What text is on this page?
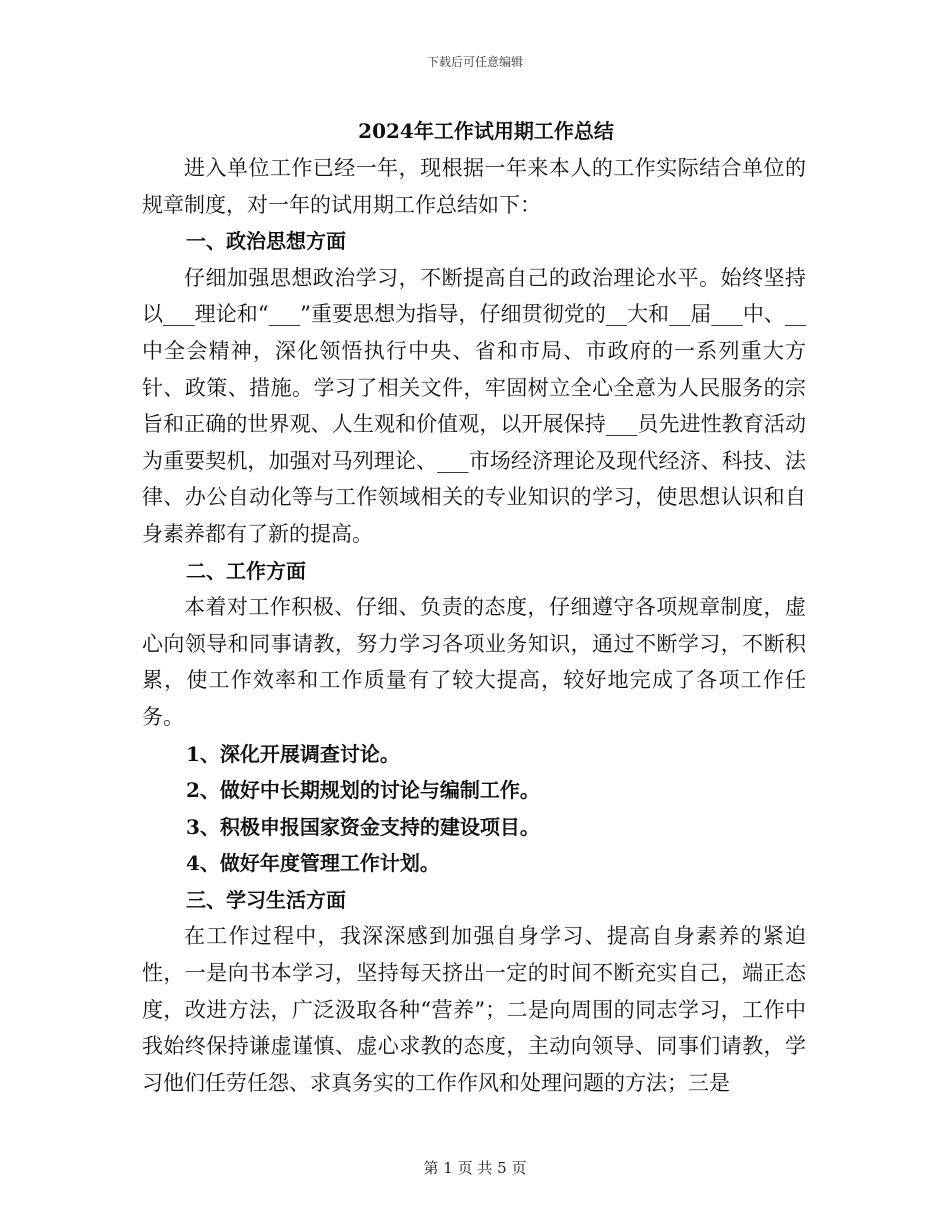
下载后可任意编辑
2024年工作试用期工作总结

进入单位工作已经一年，现根据一年来本人的工作实际结合单位的规章制度，对一年的试用期工作总结如下：

一、政治思想方面

仔细加强思想政治学习，不断提高自己的政治理论水平。始终坚持以___理论和“___”重要思想为指导，仔细贯彻党的__大和__届___中、__中全会精神，深化领悟执行中央、省和市局、市政府的一系列重大方针、政策、措施。学习了相关文件，牢固树立全心全意为人民服务的宗旨和正确的世界观、人生观和价值观，以开展保持___员先进性教育活动为重要契机，加强对马列理论、___市场经济理论及现代经济、科技、法律、办公自动化等与工作领域相关的专业知识的学习，使思想认识和自身素养都有了新的提高。

二、工作方面

本着对工作积极、仔细、负责的态度，仔细遵守各项规章制度，虚心向领导和同事请教，努力学习各项业务知识，通过不断学习，不断积累，使工作效率和工作质量有了较大提高，较好地完成了各项工作任务。

1、深化开展调查讨论。

2、做好中长期规划的讨论与编制工作。

3、积极申报国家资金支持的建设项目。

4、做好年度管理工作计划。

三、学习生活方面

在工作过程中，我深深感到加强自身学习、提高自身素养的紧迫性，一是向书本学习，坚持每天挤出一定的时间不断充实自己，端正态度，改进方法，广泛汲取各种“营养”；二是向周围的同志学习，工作中我始终保持谦虚谨慎、虚心求教的态度，主动向领导、同事们请教，学习他们任劳任怨、求真务实的工作作风和处理问题的方法；三是

第 1 页 共 5 页
